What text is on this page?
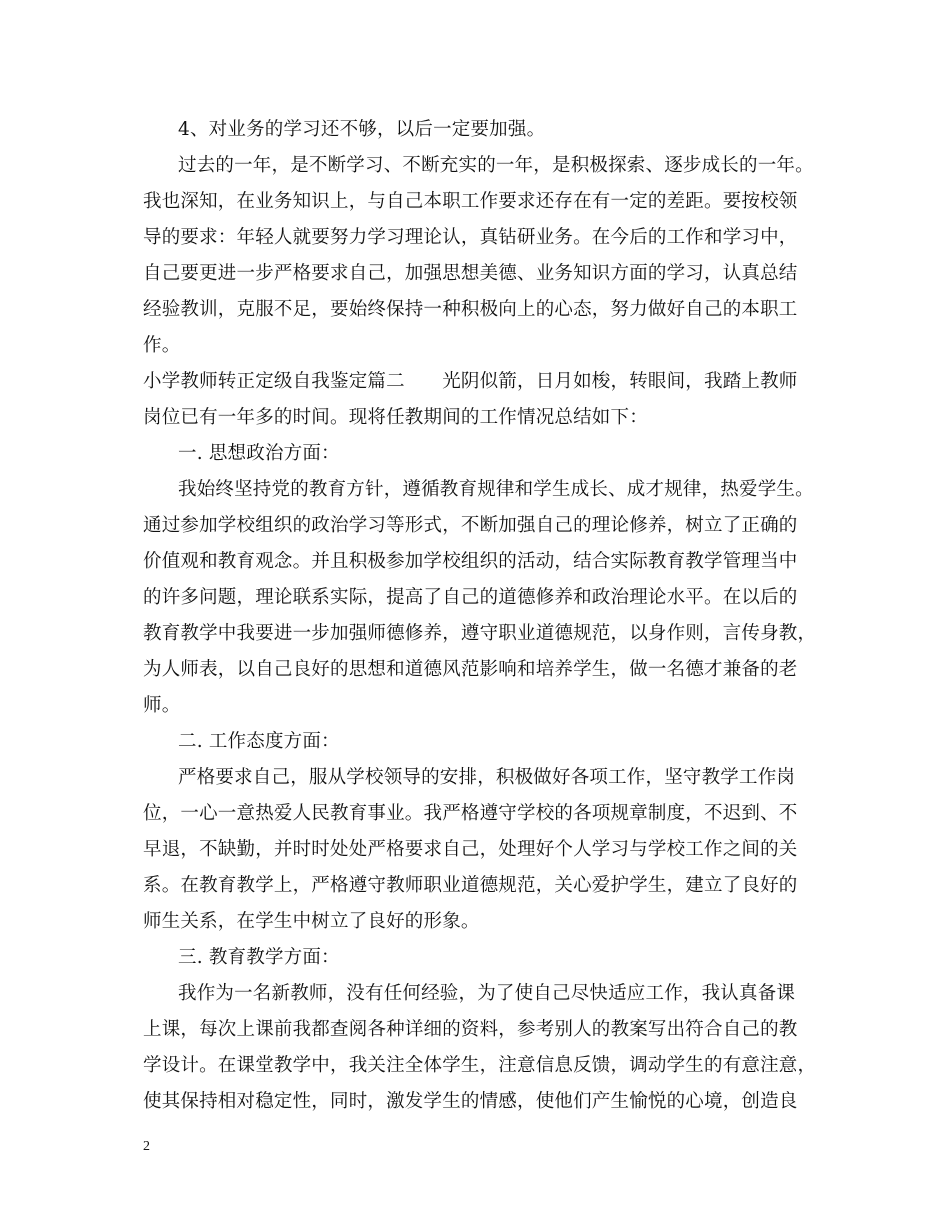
4、对业务的学习还不够，以后一定要加强。
过去的一年，是不断学习、不断充实的一年，是积极探索、逐步成长的一年。
我也深知，在业务知识上，与自己本职工作要求还存在有一定的差距。要按校领
导的要求：年轻人就要努力学习理论认，真钻研业务。在今后的工作和学习中，
自己要更进一步严格要求自己，加强思想美德、业务知识方面的学习，认真总结
经验教训，克服不足，要始终保持一种积极向上的心态，努力做好自己的本职工
作。
小学教师转正定级自我鉴定篇二　　光阴似箭，日月如梭，转眼间，我踏上教师
岗位已有一年多的时间。现将任教期间的工作情况总结如下：
一. 思想政治方面：
我始终坚持党的教育方针，遵循教育规律和学生成长、成才规律，热爱学生。
通过参加学校组织的政治学习等形式，不断加强自己的理论修养，树立了正确的
价值观和教育观念。并且积极参加学校组织的活动，结合实际教育教学管理当中
的许多问题，理论联系实际，提高了自己的道德修养和政治理论水平。在以后的
教育教学中我要进一步加强师德修养，遵守职业道德规范，以身作则，言传身教，
为人师表，以自己良好的思想和道德风范影响和培养学生，做一名德才兼备的老
师。
二. 工作态度方面：
严格要求自己，服从学校领导的安排，积极做好各项工作，坚守教学工作岗
位，一心一意热爱人民教育事业。我严格遵守学校的各项规章制度，不迟到、不
早退，不缺勤，并时时处处严格要求自己，处理好个人学习与学校工作之间的关
系。在教育教学上，严格遵守教师职业道德规范，关心爱护学生，建立了良好的
师生关系，在学生中树立了良好的形象。
三. 教育教学方面：
我作为一名新教师，没有任何经验，为了使自己尽快适应工作，我认真备课
上课，每次上课前我都查阅各种详细的资料，参考别人的教案写出符合自己的教
学设计。在课堂教学中，我关注全体学生，注意信息反馈，调动学生的有意注意，
使其保持相对稳定性，同时，激发学生的情感，使他们产生愉悦的心境，创造良
2
